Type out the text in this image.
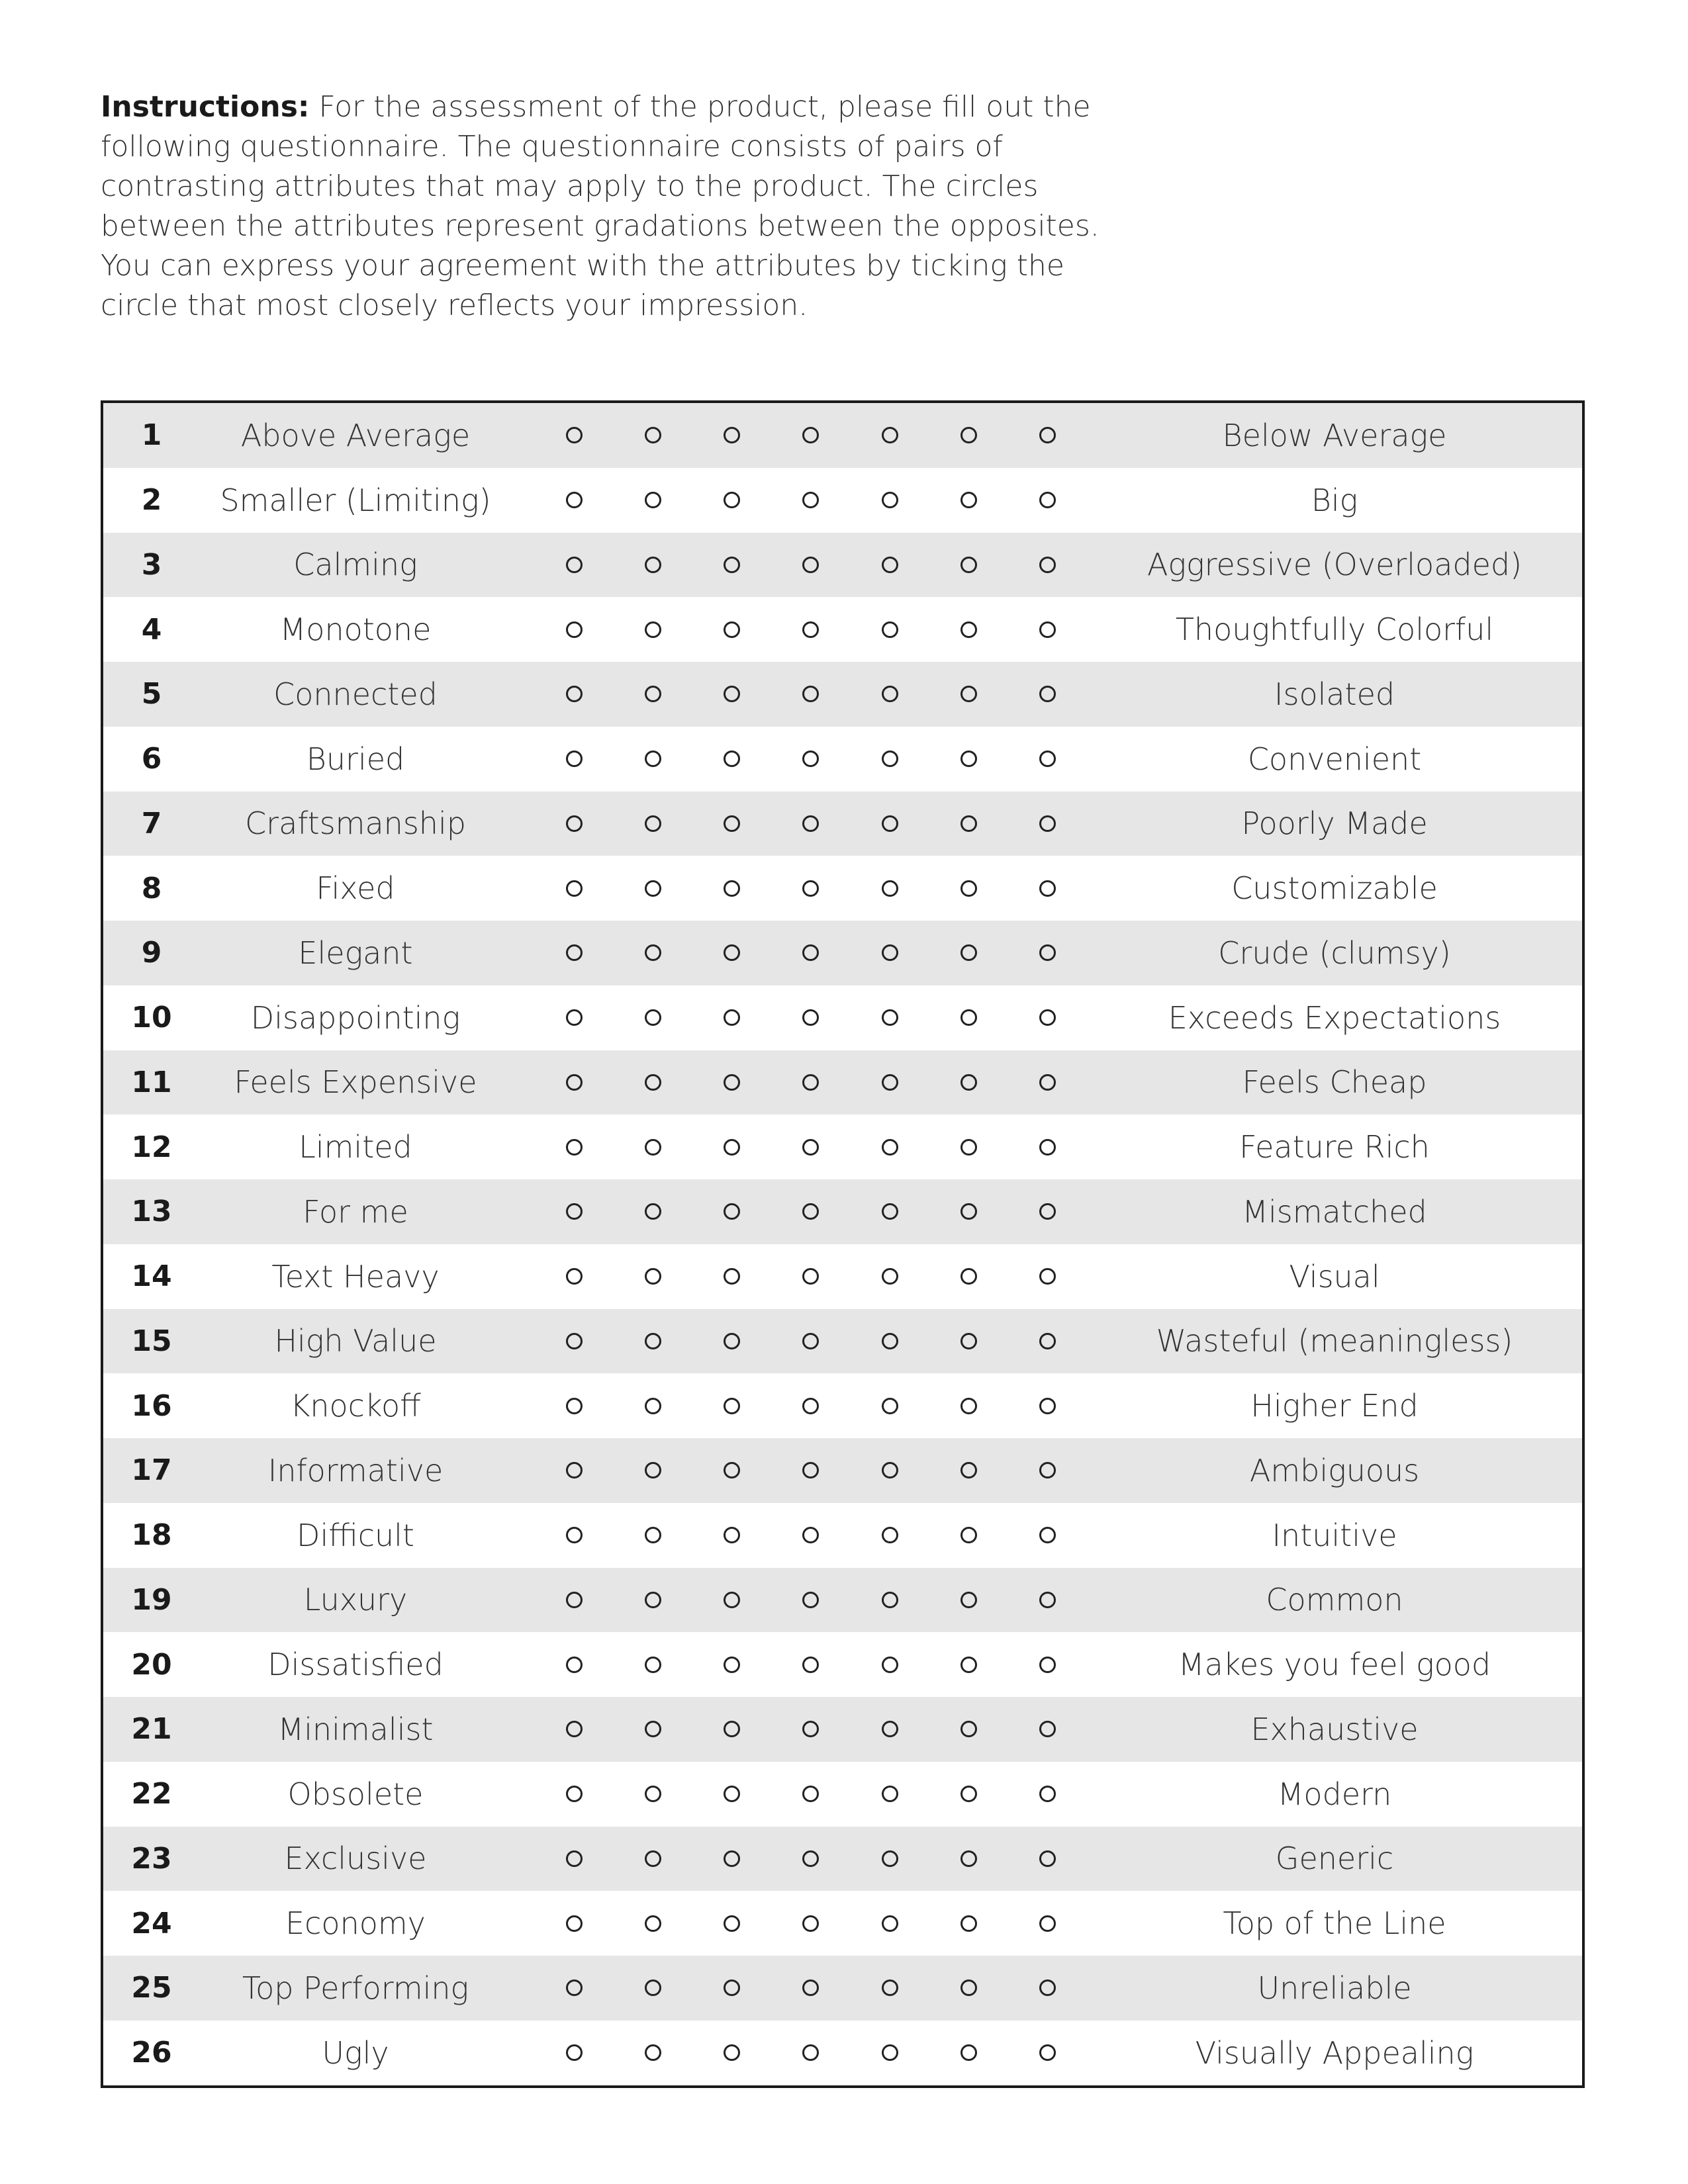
Instructions: For the assessment of the product, please fill out the following questionnaire. The questionnaire consists of pairs of contrasting attributes that may apply to the product. The circles between the attributes represent gradations between the opposites. You can express your agreement with the attributes by ticking the circle that most closely reflects your impression.
1	Above Average	Below Average
2	Smaller (Limiting)	Big
3	Calming	Aggressive (Overloaded)
4	Monotone	Thoughtfully Colorful
5	Connected	Isolated
6	Buried	Convenient
7	Craftsmanship	Poorly Made
8	Fixed	Customizable
9	Elegant	Crude (clumsy)
10	Disappointing	Exceeds Expectations
11	Feels Expensive	Feels Cheap
12	Limited	Feature Rich
13	For me	Mismatched
14	Text Heavy	Visual
15	High Value	Wasteful (meaningless)
16	Knockoff	Higher End
17	Informative	Ambiguous
18	Difficult	Intuitive
19	Luxury	Common
20	Dissatisfied	Makes you feel good
21	Minimalist	Exhaustive
22	Obsolete	Modern
23	Exclusive	Generic
24	Economy	Top of the Line
25	Top Performing	Unreliable
26	Ugly	Visually Appealing
